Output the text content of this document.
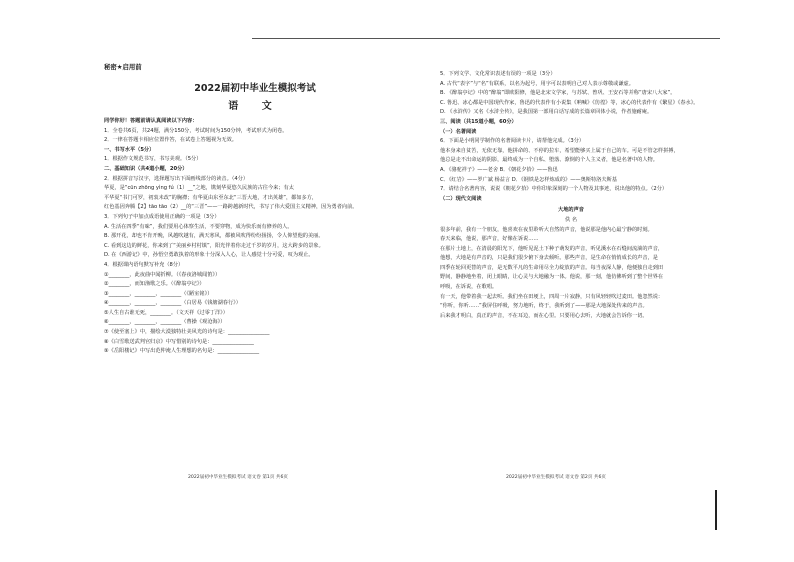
秘密★启用前
2022届初中毕业生模拟考试
语 文
同学你好！答题前请认真阅读以下内容：
1．全卷共6页，共24题，满分150分，考试时间为150分钟，考试形式为闭卷。
2．一律在答题卡相应位置作答，在试卷上答题视为无效。
一、书写水平（5分）
1．根据作文规范书写，书写美观。（5分）
二、基础知识（共4道小题，20分）
2．根据拼音写汉字，选择题写出下面画线部分的读音。（4分）
华夏，是“cūn zhōng yìng fú（1）__”之地，镌刻华夏悠久民族的古往今来；有太
平华夏“书门可罗，初衷未改”的胸襟；有华夏由东至东北“三晋大地，才出英雄”，都如多方，
红色基因奔腾【2】tāo tāo（2）__的“三晋”——一路跨越新时代，书写了伟大爱国主义精神，因为勇者向前。
3．下列句子中加点成语使用正确的一项是（3分）
A. 生活在四季“有味”，我们要用心体察生活，不要穿物，成为快乐而有修养的人。
B. 那开花，却也不肯开晚，风越吹越有，满天寒风，都被风吹得纷纷扬扬，令人仰望他的美丽。
C. 看到这边的鲜花，你来到了“美丽乡村村镇”，阳光伴着你走过千岁的岁月，这大跨步的景象。
D. 在《西游记》中，孙悟空勇敢执着的形象十分深入人心，让人感觉十分可爱，叹为观止。
4．根据课内语句默写补充（8分）
①________，此夜曲中闻折柳。（《春夜洛城闻笛》）
②________，而知渔歌之乐。（《醉翁亭记》）
③________，________，________（《陋室铭》）
④________，________，________（白居易《钱塘湖春行》）
⑤人生自古谁无死，________。（文天祥《过零丁洋》）
⑥________，________，________（曹操《观沧海》）
⑦《使至塞上》中，描绘大漠独特壮美风光的诗句是：________________
⑧《白雪歌送武判官归京》中写惜别的诗句是：________________
⑨《岳阳楼记》中写出范仲淹人生理想的名句是：________________
2022届初中毕业生模拟考试 语文卷 第1页 共6页
5．下列文学、文化常识表述有误的一项是（3分）
A. 古代“表字”与“名”有联系，以名为起号，用字可以表明自己对人表示尊敬或谦虚。
B. 《醉翁亭记》中的“醉翁”即欧阳修，他是北宋文学家，与苏轼、曾巩、王安石等并称“唐宋八大家”。
C. 鲁迅、冰心都是中国现代作家，鲁迅的代表作有小说集《呐喊》《彷徨》等，冰心的代表作有《繁星》《春水》。
D. 《水浒传》又名《水浒全传》，是我国第一部用白话写成的长篇章回体小说，作者施耐庵。
三、阅读（共15道小题，60分）
（一）名著阅读
6．下面是小明同学制作的名著阅读卡片，请帮他完成。（3分）
他本身来自贫苦，无依无靠，他拼命的、不停的拉车，希望能够买上属于自己的车。可是不管怎样拼搏，
他总是走不出命运的阴影，最终成为一个自私、堕落、潦倒的个人主义者，他是名著中的人物。
A．《骆驼祥子》——老舍 B．《朝花夕拾》——鲁迅
C．《红岩》——罗广斌 杨益言 D．《钢铁是怎样炼成的》——奥斯特洛夫斯基
7．请结合名著内容，说说《朝花夕拾》中你印象深刻的一个人物及其事迹，说出他的特点。（2分）
（二）现代文阅读
大地的声音
佚 名
很多年前，我有一个朋友，他喜欢在夜里聆听大自然的声音，他说那是他内心最宁静的时刻。
春天来临，他说，那声音，好像在诉说……
在那片土地上，在清晨的阳光下，他听见泥土下种子萌发的声音，听见溪水在石缝间流淌的声音，
他想，大地是有声音的，只是我们很少俯下身去倾听。那些声音，是生命在悄悄成长的声音，是
四季在轮回更替的声音，是无数平凡的生命用尽全力绽放的声音。每当夜深人静，他便独自走到田
野间，静静地坐着，闭上眼睛，让心灵与大地融为一体。他说，那一刻，他仿佛听到了整个世界在
呼吸，在诉说，在歌唱。
有一天，他带着我一起去听。我们坐在田埂上，四周一片寂静，只有风轻轻吹过麦田。他忽然说：
“你听，你听……”我屏住呼吸，努力地听，终于，我听到了——那是大地深处传来的声音。
后来我才明白，真正的声音，不在耳边，而在心里。只要用心去听，大地就会告诉你一切。
2022届初中毕业生模拟考试 语文卷 第2页 共6页
